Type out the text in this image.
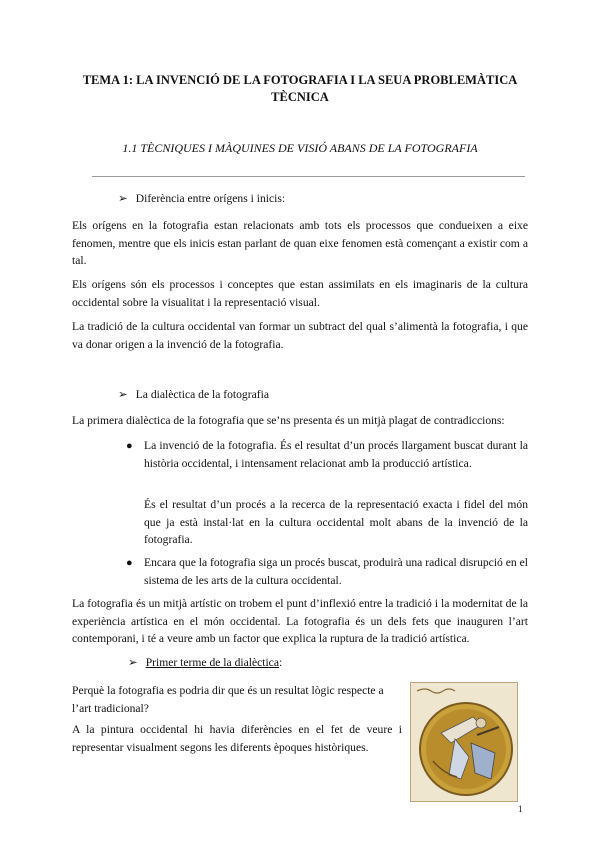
TEMA 1: LA INVENCIÓ DE LA FOTOGRAFIA I LA SEUA PROBLEMÀTICA TÈCNICA
1.1 TÈCNIQUES I MÀQUINES DE VISIÓ ABANS DE LA FOTOGRAFIA
➢ Diferència entre orígens i inicis:
Els orígens en la fotografia estan relacionats amb tots els processos que condueixen a eixe fenomen, mentre que els inicis estan parlant de quan eixe fenomen està començant a existir com a tal.
Els orígens són els processos i conceptes que estan assimilats en els imaginaris de la cultura occidental sobre la visualitat i la representació visual.
La tradició de la cultura occidental van formar un subtract del qual s’alimentà la fotografia, i que va donar origen a la invenció de la fotografia.
➢ La dialèctica de la fotografia
La primera dialèctica de la fotografia que se’ns presenta és un mitjà plagat de contradiccions:
● La invenció de la fotografia. És el resultat d’un procés llargament buscat durant la història occidental, i intensament relacionat amb la producció artística.
És el resultat d’un procés a la recerca de la representació exacta i fidel del món que ja està instal·lat en la cultura occidental molt abans de la invenció de la fotografia.
● Encara que la fotografia siga un procés buscat, produirà una radical disrupció en el sistema de les arts de la cultura occidental.
La fotografia és un mitjà artístic on trobem el punt d’inflexió entre la tradició i la modernitat de la experiència artística en el món occidental. La fotografia és un dels fets que inauguren l’art contemporani, i té a veure amb un factor que explica la ruptura de la tradició artística.
➢ Primer terme de la dialèctica:
Perquè la fotografia es podria dir que és un resultat lògic respecte a l’art tradicional?
A la pintura occidental hi havia diferències en el fet de veure i representar visualment segons les diferents èpoques històriques.
1
